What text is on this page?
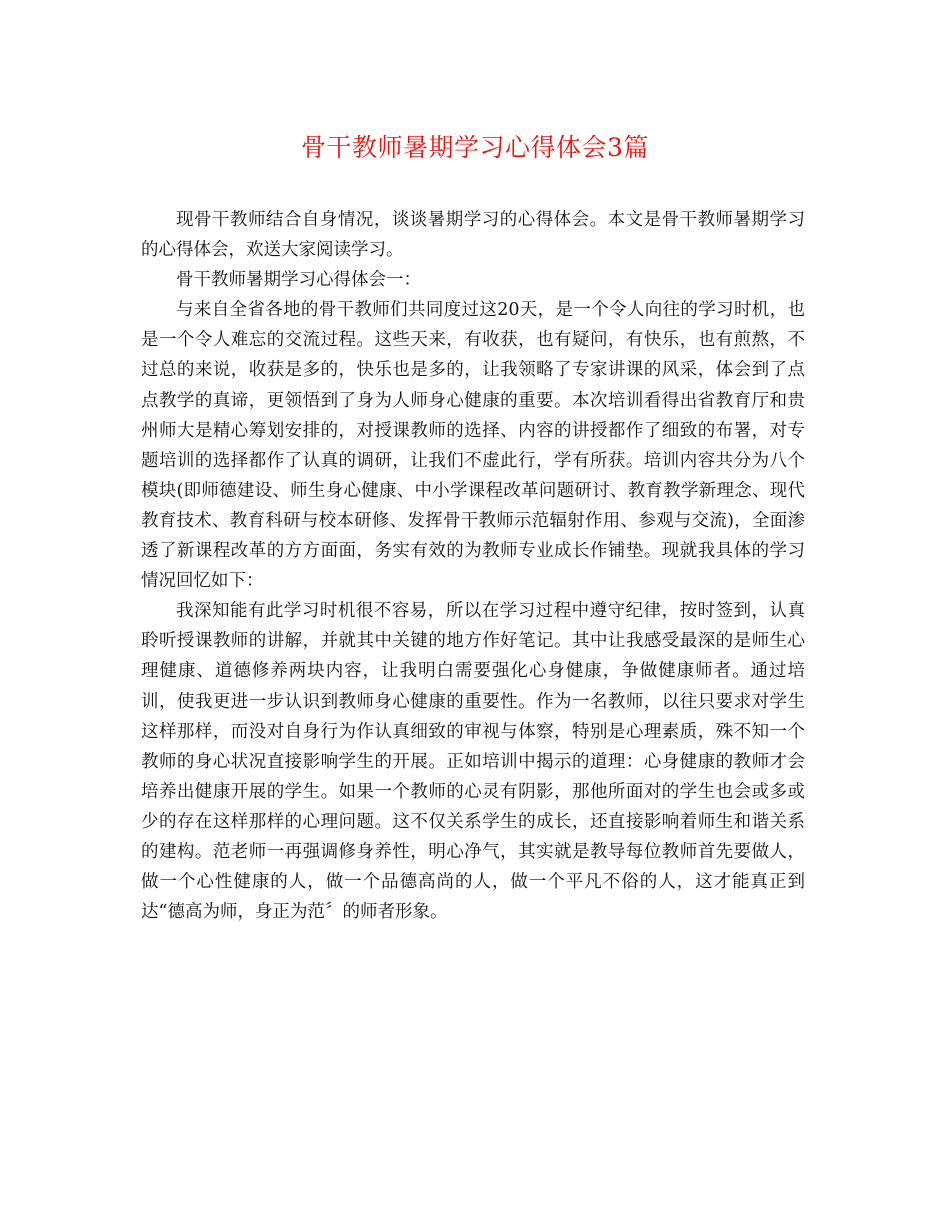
骨干教师暑期学习心得体会3篇

现骨干教师结合自身情况，谈谈暑期学习的心得体会。本文是骨干教师暑期学习的心得体会，欢送大家阅读学习。

骨干教师暑期学习心得体会一：

与来自全省各地的骨干教师们共同度过这20天，是一个令人向往的学习时机，也是一个令人难忘的交流过程。这些天来，有收获，也有疑问，有快乐，也有煎熬，不过总的来说，收获是多的，快乐也是多的，让我领略了专家讲课的风采，体会到了点点教学的真谛，更领悟到了身为人师身心健康的重要。本次培训看得出省教育厅和贵州师大是精心筹划安排的，对授课教师的选择、内容的讲授都作了细致的布署，对专题培训的选择都作了认真的调研，让我们不虚此行，学有所获。培训内容共分为八个模块(即师德建设、师生身心健康、中小学课程改革问题研讨、教育教学新理念、现代教育技术、教育科研与校本研修、发挥骨干教师示范辐射作用、参观与交流)，全面渗透了新课程改革的方方面面，务实有效的为教师专业成长作铺垫。现就我具体的学习情况回忆如下：

我深知能有此学习时机很不容易，所以在学习过程中遵守纪律，按时签到，认真聆听授课教师的讲解，并就其中关键的地方作好笔记。其中让我感受最深的是师生心理健康、道德修养两块内容，让我明白需要强化心身健康，争做健康师者。通过培训，使我更进一步认识到教师身心健康的重要性。作为一名教师，以往只要求对学生这样那样，而没对自身行为作认真细致的审视与体察，特别是心理素质，殊不知一个教师的身心状况直接影响学生的开展。正如培训中揭示的道理：心身健康的教师才会培养出健康开展的学生。如果一个教师的心灵有阴影，那他所面对的学生也会或多或少的存在这样那样的心理问题。这不仅关系学生的成长，还直接影响着师生和谐关系的建构。范老师一再强调修身养性，明心净气，其实就是教导每位教师首先要做人，做一个心性健康的人，做一个品德高尚的人，做一个平凡不俗的人，这才能真正到达“德高为师，身正为范〞的师者形象。
